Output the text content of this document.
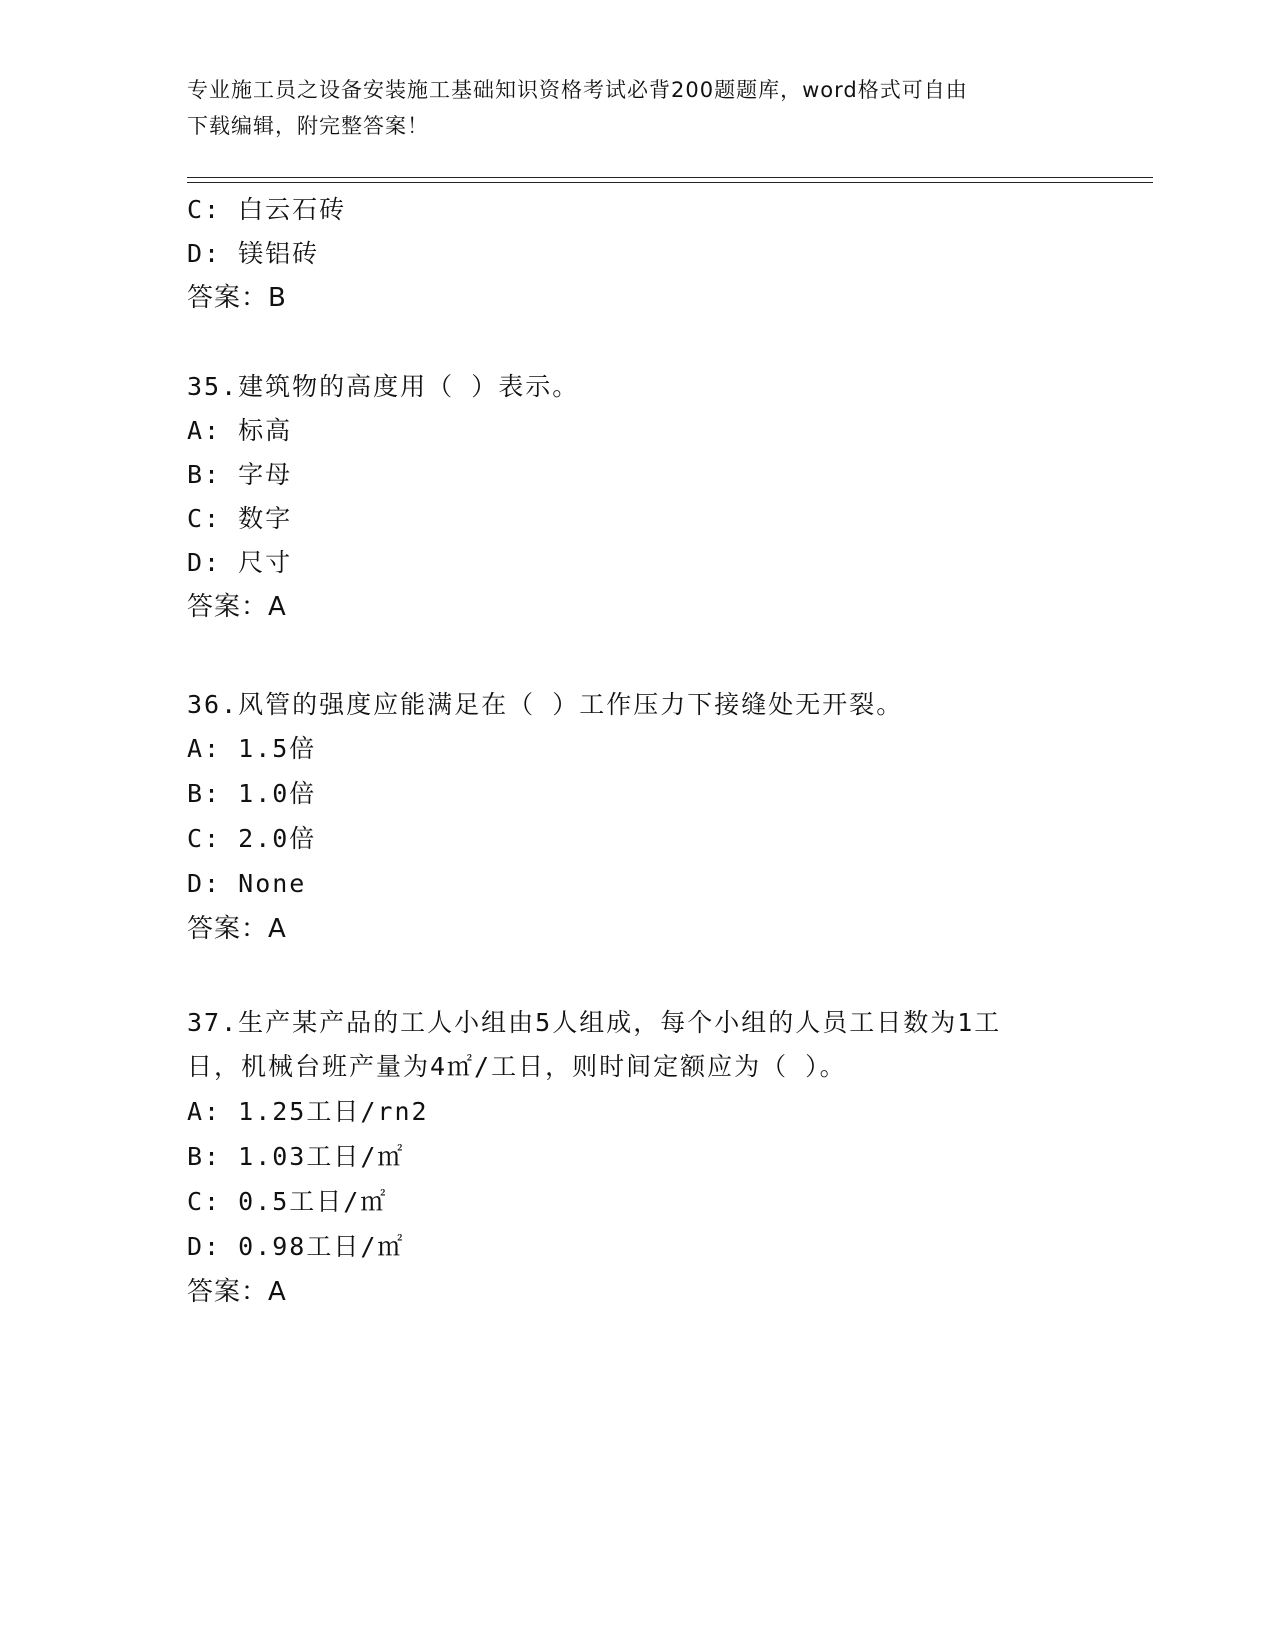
专业施工员之设备安装施工基础知识资格考试必背200题题库，word格式可自由
下载编辑，附完整答案！
C: 白云石砖
D: 镁铝砖
答案：B
35.建筑物的高度用（ ）表示。
A: 标高
B: 字母
C: 数字
D: 尺寸
答案：A
36.风管的强度应能满足在（ ）工作压力下接缝处无开裂。
A: 1.5倍
B: 1.0倍
C: 2.0倍
D: None
答案：A
37.生产某产品的工人小组由5人组成，每个小组的人员工日数为1工
日，机械台班产量为4㎡/工日，则时间定额应为（ ）。
A: 1.25工日/rn2
B: 1.03工日/㎡
C: 0.5工日/㎡
D: 0.98工日/㎡
答案：A
